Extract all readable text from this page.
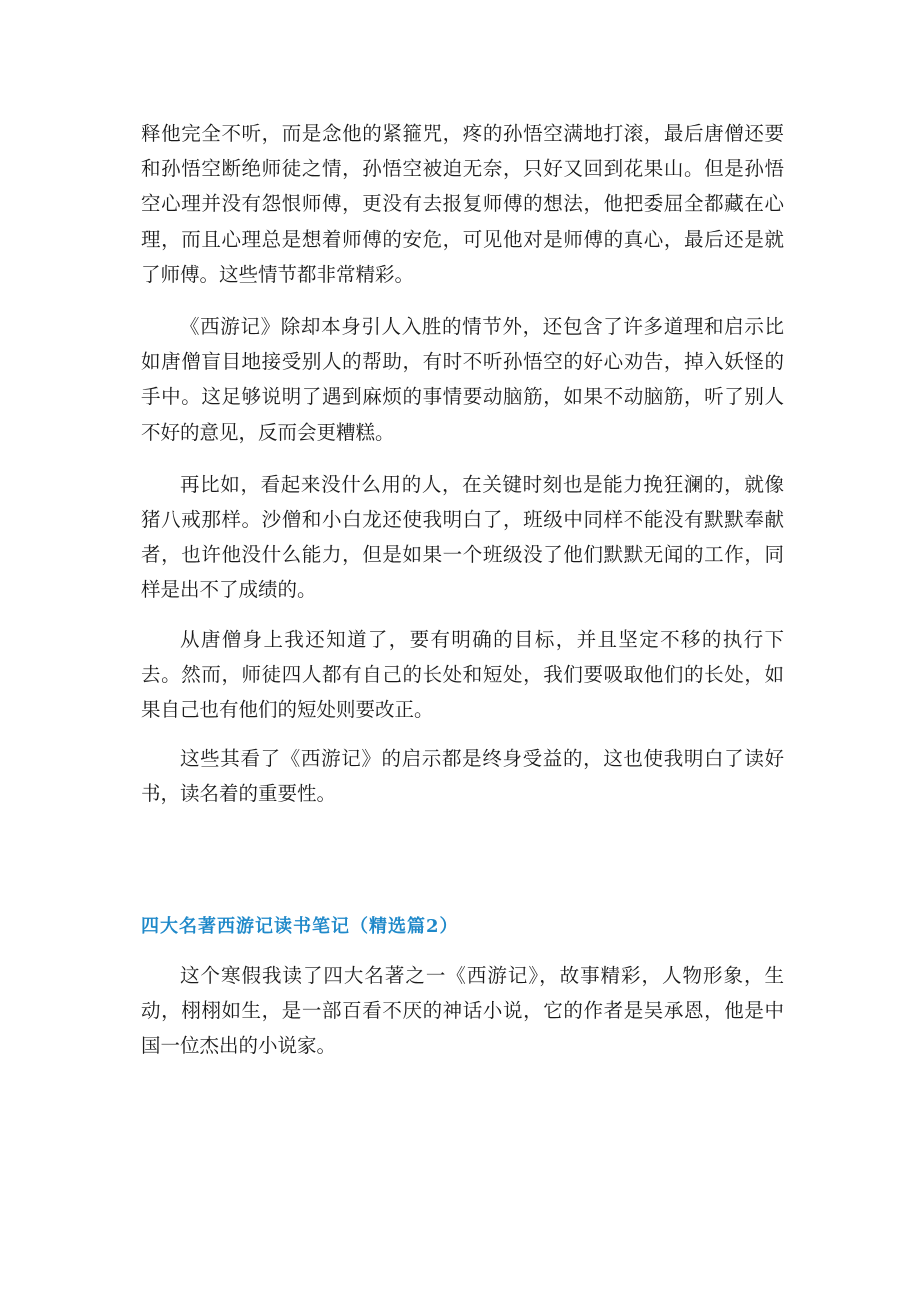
释他完全不听，而是念他的紧箍咒，疼的孙悟空满地打滚，最后唐僧还要和孙悟空断绝师徒之情，孙悟空被迫无奈，只好又回到花果山。但是孙悟空心理并没有怨恨师傅，更没有去报复师傅的想法，他把委屈全都藏在心理，而且心理总是想着师傅的安危，可见他对是师傅的真心，最后还是就了师傅。这些情节都非常精彩。

《西游记》除却本身引人入胜的情节外，还包含了许多道理和启示比如唐僧盲目地接受别人的帮助，有时不听孙悟空的好心劝告，掉入妖怪的手中。这足够说明了遇到麻烦的事情要动脑筋，如果不动脑筋，听了别人不好的意见，反而会更糟糕。

再比如，看起来没什么用的人，在关键时刻也是能力挽狂澜的，就像猪八戒那样。沙僧和小白龙还使我明白了，班级中同样不能没有默默奉献者，也许他没什么能力，但是如果一个班级没了他们默默无闻的工作，同样是出不了成绩的。

从唐僧身上我还知道了，要有明确的目标，并且坚定不移的执行下去。然而，师徒四人都有自己的长处和短处，我们要吸取他们的长处，如果自己也有他们的短处则要改正。

这些其看了《西游记》的启示都是终身受益的，这也使我明白了读好书，读名着的重要性。

四大名著西游记读书笔记（精选篇2）

这个寒假我读了四大名著之一《西游记》，故事精彩，人物形象，生动，栩栩如生，是一部百看不厌的神话小说，它的作者是吴承恩，他是中国一位杰出的小说家。
